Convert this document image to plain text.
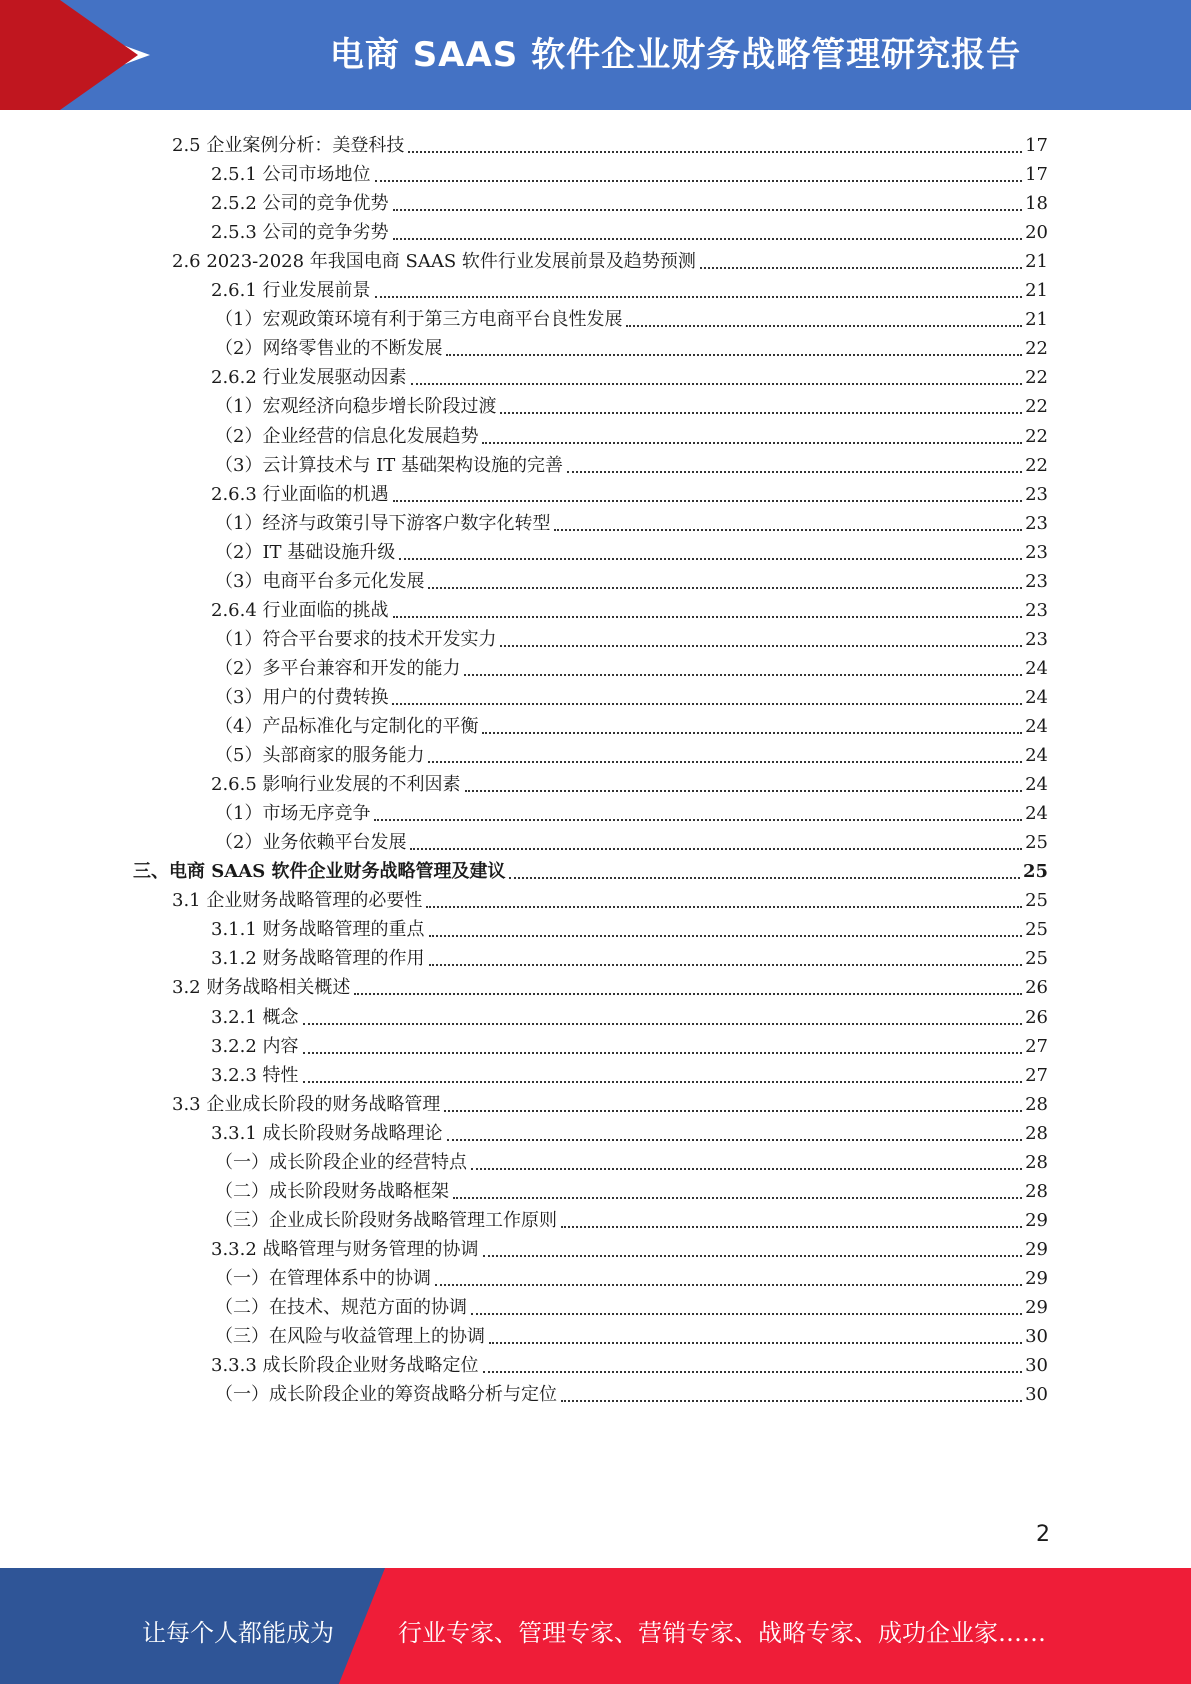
电商 SAAS 软件企业财务战略管理研究报告
2.5 企业案例分析：美登科技	17
2.5.1 公司市场地位	17
2.5.2 公司的竞争优势	18
2.5.3 公司的竞争劣势	20
2.6 2023-2028 年我国电商 SAAS 软件行业发展前景及趋势预测	21
2.6.1 行业发展前景	21
（1）宏观政策环境有利于第三方电商平台良性发展	21
（2）网络零售业的不断发展	22
2.6.2 行业发展驱动因素	22
（1）宏观经济向稳步增长阶段过渡	22
（2）企业经营的信息化发展趋势	22
（3）云计算技术与 IT 基础架构设施的完善	22
2.6.3 行业面临的机遇	23
（1）经济与政策引导下游客户数字化转型	23
（2）IT 基础设施升级	23
（3）电商平台多元化发展	23
2.6.4 行业面临的挑战	23
（1）符合平台要求的技术开发实力	23
（2）多平台兼容和开发的能力	24
（3）用户的付费转换	24
（4）产品标准化与定制化的平衡	24
（5）头部商家的服务能力	24
2.6.5 影响行业发展的不利因素	24
（1）市场无序竞争	24
（2）业务依赖平台发展	25
三、电商 SAAS 软件企业财务战略管理及建议	25
3.1 企业财务战略管理的必要性	25
3.1.1 财务战略管理的重点	25
3.1.2 财务战略管理的作用	25
3.2 财务战略相关概述	26
3.2.1 概念	26
3.2.2 内容	27
3.2.3 特性	27
3.3 企业成长阶段的财务战略管理	28
3.3.1 成长阶段财务战略理论	28
（一）成长阶段企业的经营特点	28
（二）成长阶段财务战略框架	28
（三）企业成长阶段财务战略管理工作原则	29
3.3.2 战略管理与财务管理的协调	29
（一）在管理体系中的协调	29
（二）在技术、规范方面的协调	29
（三）在风险与收益管理上的协调	30
3.3.3 成长阶段企业财务战略定位	30
（一）成长阶段企业的筹资战略分析与定位	30
2
让每个人都能成为	行业专家、管理专家、营销专家、战略专家、成功企业家……
